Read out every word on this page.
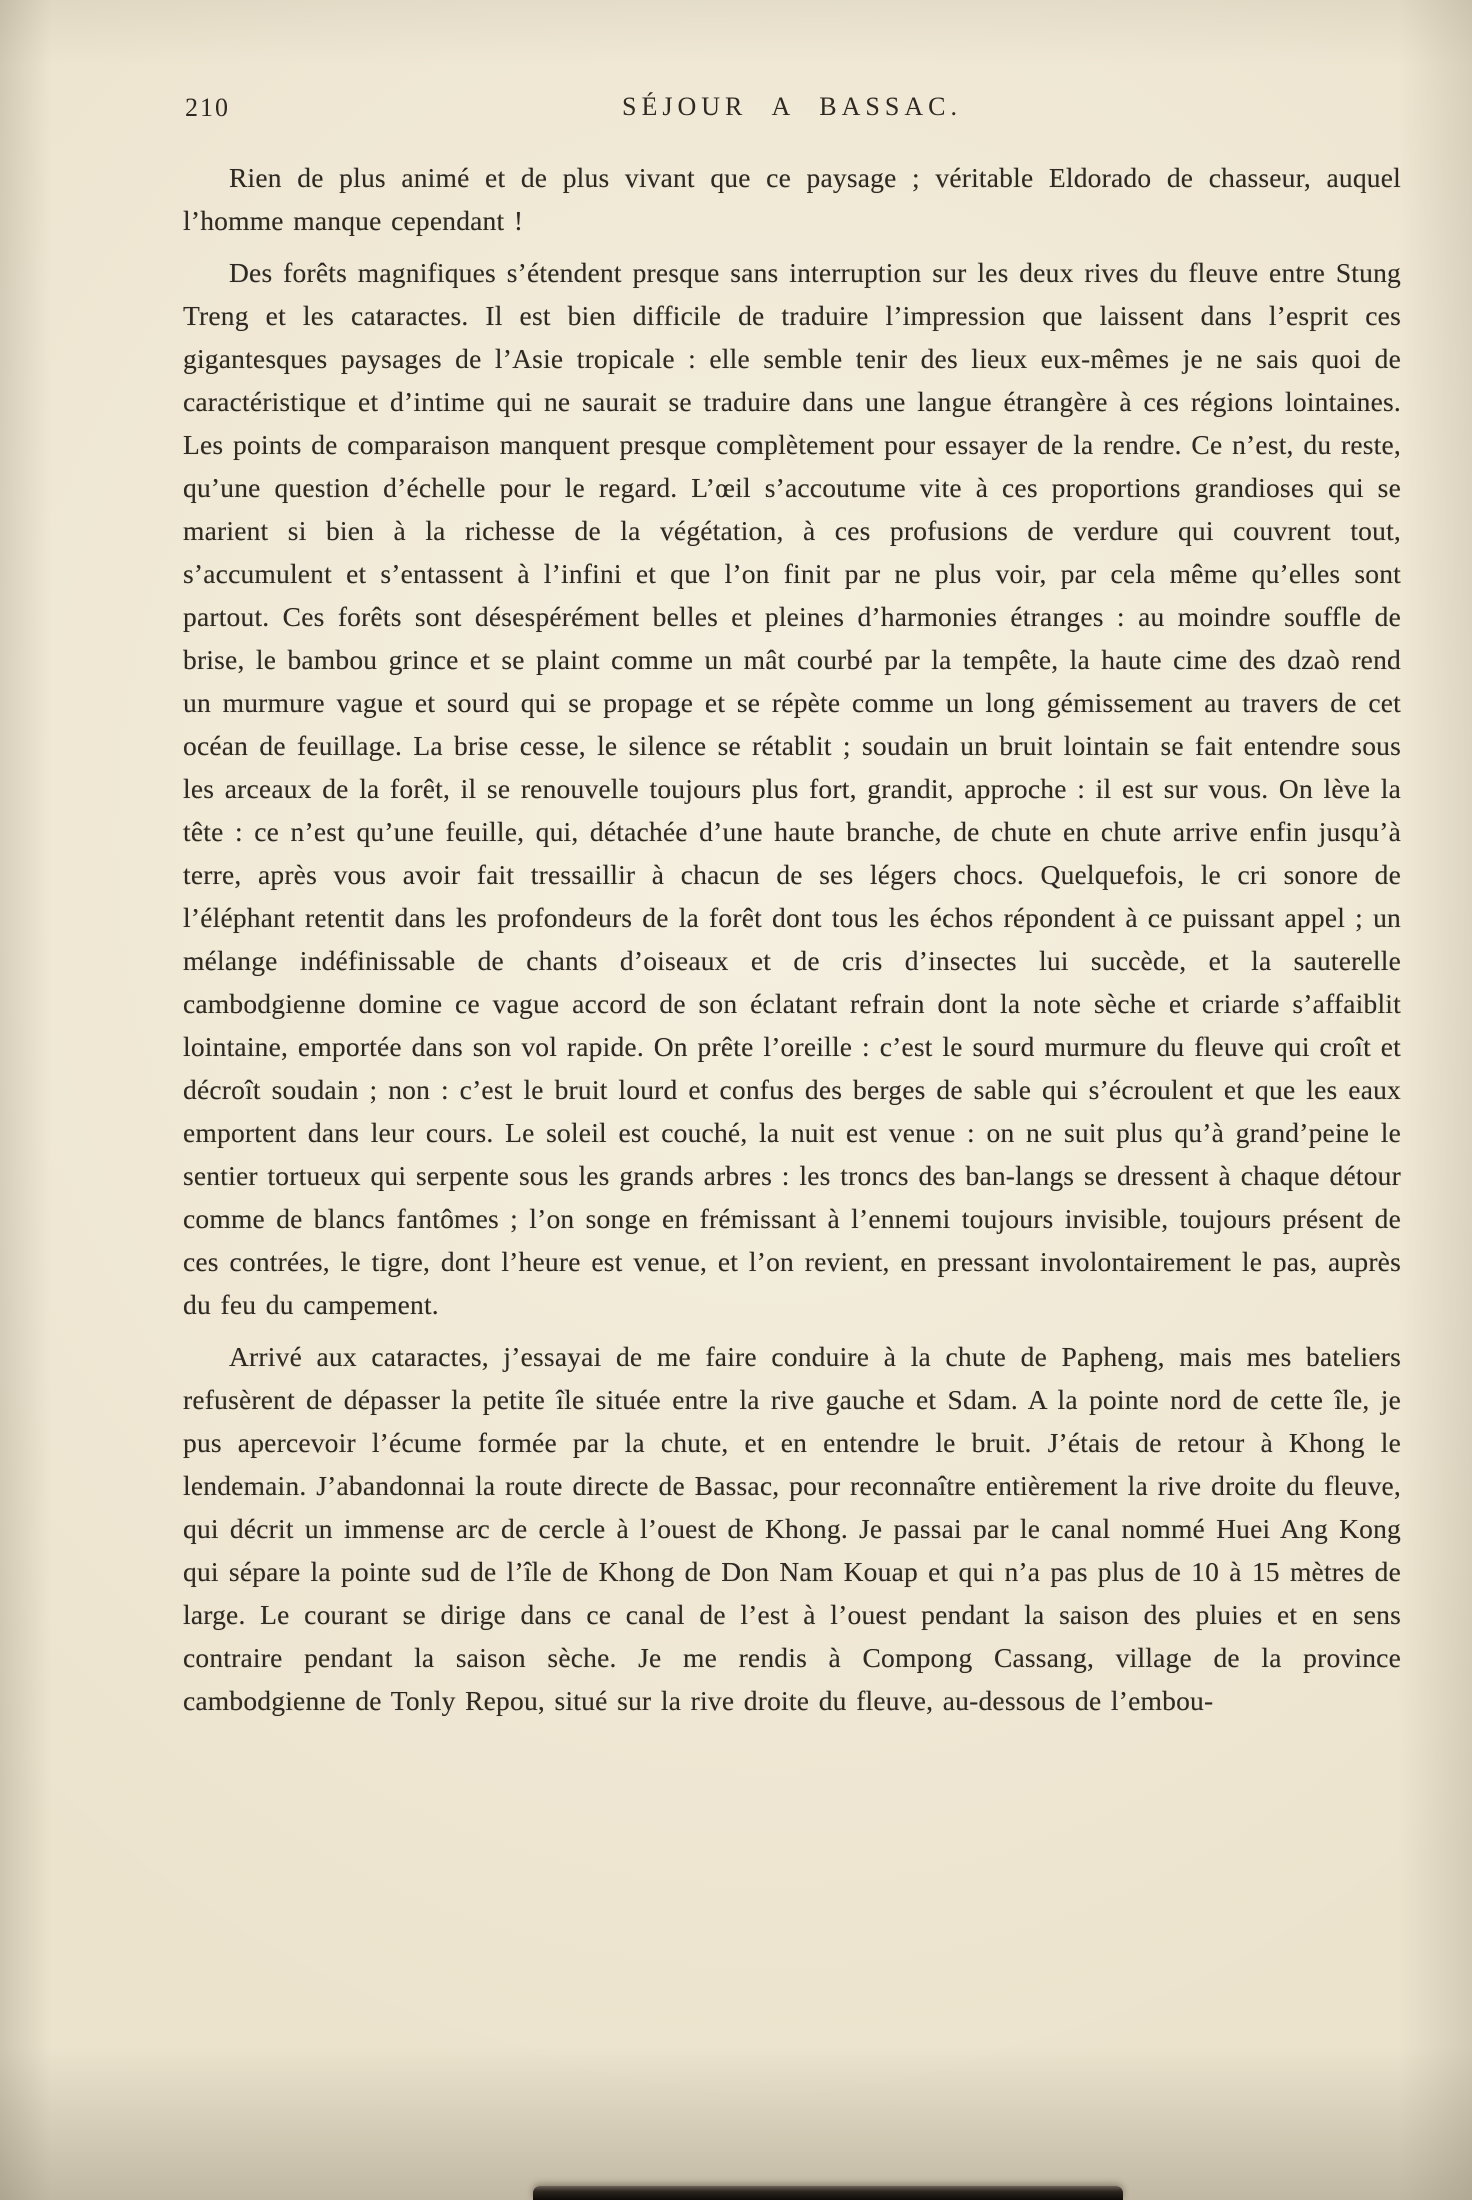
210	SÉJOUR A BASSAC.

Rien de plus animé et de plus vivant que ce paysage ; véritable Eldorado de chasseur, auquel l’homme manque cependant !

Des forêts magnifiques s’étendent presque sans interruption sur les deux rives du fleuve entre Stung Treng et les cataractes. Il est bien difficile de traduire l’impression que laissent dans l’esprit ces gigantesques paysages de l’Asie tropicale : elle semble tenir des lieux eux-mêmes je ne sais quoi de caractéristique et d’intime qui ne saurait se traduire dans une langue étrangère à ces régions lointaines. Les points de comparaison manquent presque complètement pour essayer de la rendre. Ce n’est, du reste, qu’une question d’échelle pour le regard. L’œil s’accoutume vite à ces proportions grandioses qui se marient si bien à la richesse de la végétation, à ces profusions de verdure qui couvrent tout, s’accumulent et s’entassent à l’infini et que l’on finit par ne plus voir, par cela même qu’elles sont partout. Ces forêts sont désespérément belles et pleines d’harmonies étranges : au moindre souffle de brise, le bambou grince et se plaint comme un mât courbé par la tempête, la haute cime des dzaò rend un murmure vague et sourd qui se propage et se répète comme un long gémissement au travers de cet océan de feuillage. La brise cesse, le silence se rétablit ; soudain un bruit lointain se fait entendre sous les arceaux de la forêt, il se renouvelle toujours plus fort, grandit, approche : il est sur vous. On lève la tête : ce n’est qu’une feuille, qui, détachée d’une haute branche, de chute en chute arrive enfin jusqu’à terre, après vous avoir fait tressaillir à chacun de ses légers chocs. Quelquefois, le cri sonore de l’éléphant retentit dans les profondeurs de la forêt dont tous les échos répondent à ce puissant appel ; un mélange indéfinissable de chants d’oiseaux et de cris d’insectes lui succède, et la sauterelle cambodgienne domine ce vague accord de son éclatant refrain dont la note sèche et criarde s’affaiblit lointaine, emportée dans son vol rapide. On prête l’oreille : c’est le sourd murmure du fleuve qui croît et décroît soudain ; non : c’est le bruit lourd et confus des berges de sable qui s’écroulent et que les eaux emportent dans leur cours. Le soleil est couché, la nuit est venue : on ne suit plus qu’à grand’peine le sentier tortueux qui serpente sous les grands arbres : les troncs des ban-langs se dressent à chaque détour comme de blancs fantômes ; l’on songe en frémissant à l’ennemi toujours invisible, toujours présent de ces contrées, le tigre, dont l’heure est venue, et l’on revient, en pressant involontairement le pas, auprès du feu du campement.

Arrivé aux cataractes, j’essayai de me faire conduire à la chute de Papheng, mais mes bateliers refusèrent de dépasser la petite île située entre la rive gauche et Sdam. A la pointe nord de cette île, je pus apercevoir l’écume formée par la chute, et en entendre le bruit. J’étais de retour à Khong le lendemain. J’abandonnai la route directe de Bassac, pour reconnaître entièrement la rive droite du fleuve, qui décrit un immense arc de cercle à l’ouest de Khong. Je passai par le canal nommé Huei Ang Kong qui sépare la pointe sud de l’île de Khong de Don Nam Kouap et qui n’a pas plus de 10 à 15 mètres de large. Le courant se dirige dans ce canal de l’est à l’ouest pendant la saison des pluies et en sens contraire pendant la saison sèche. Je me rendis à Compong Cassang, village de la province cambodgienne de Tonly Repou, situé sur la rive droite du fleuve, au-dessous de l’embou-
